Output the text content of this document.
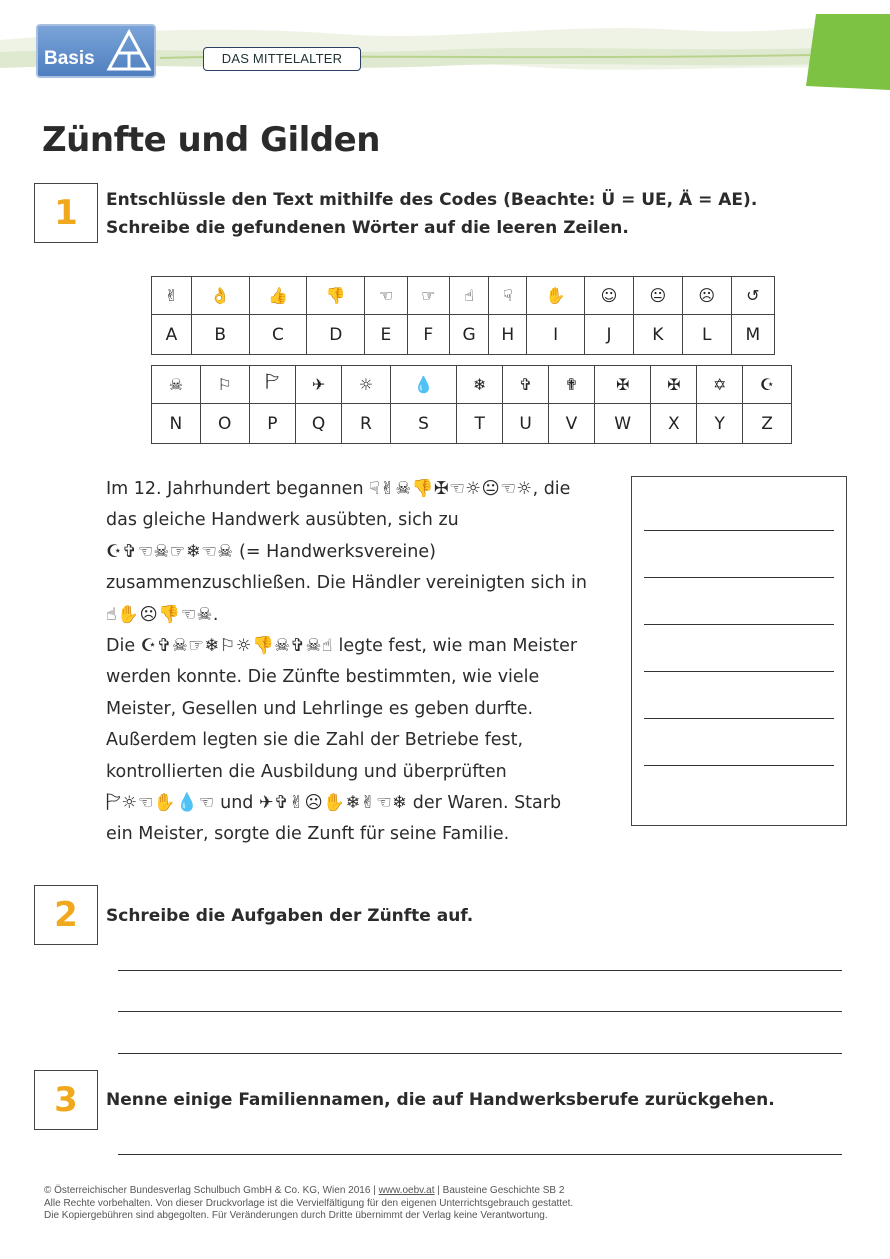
Basis	DAS MITTELALTER
Zünfte und Gilden
1	Entschlüssle den Text mithilfe des Codes (Beachte: Ü = UE, Ä = AE).
Schreibe die gefundenen Wörter auf die leeren Zeilen.
✌	👌	👍	👎	☜	☞	☝	☟	✋	☺	😐	☹	↺
A	B	C	D	E	F	G	H	I	J	K	L	M
☠	⚐	🏱	✈	☼	💧	❄	✞	✟	✠	✠	✡	☪
N	O	P	Q	R	S	T	U	V	W	X	Y	Z

Im 12. Jahrhundert begannen ☟✌☠👎✠☜☼😐☜☼, die

das gleiche Handwerk ausübten, sich zu

☪✞☜☠☞❄☜☠ (= Handwerksvereine)

zusammenzuschließen. Die Händler vereinigten sich in

☝✋☹👎☜☠.

Die ☪✞☠☞❄⚐☼👎☠✞☠☝ legte fest, wie man Meister

werden konnte. Die Zünfte bestimmten, wie viele

Meister, Gesellen und Lehrlinge es geben durfte.

Außerdem legten sie die Zahl der Betriebe fest,

kontrollierten die Ausbildung und überprüften

🏱☼☜✋💧☜ und ✈✞✌☹✋❄✌☜❄ der Waren. Starb

ein Meister, sorgte die Zunft für seine Familie.

2	Schreibe die Aufgaben der Zünfte auf.
3	Nenne einige Familiennamen, die auf Handwerksberufe zurückgehen.
© Österreichischer Bundesverlag Schulbuch GmbH & Co. KG, Wien 2016 | www.oebv.at | Bausteine Geschichte SB 2
Alle Rechte vorbehalten. Von dieser Druckvorlage ist die Vervielfältigung für den eigenen Unterrichtsgebrauch gestattet.
Die Kopiergebühren sind abgegolten. Für Veränderungen durch Dritte übernimmt der Verlag keine Verantwortung.
